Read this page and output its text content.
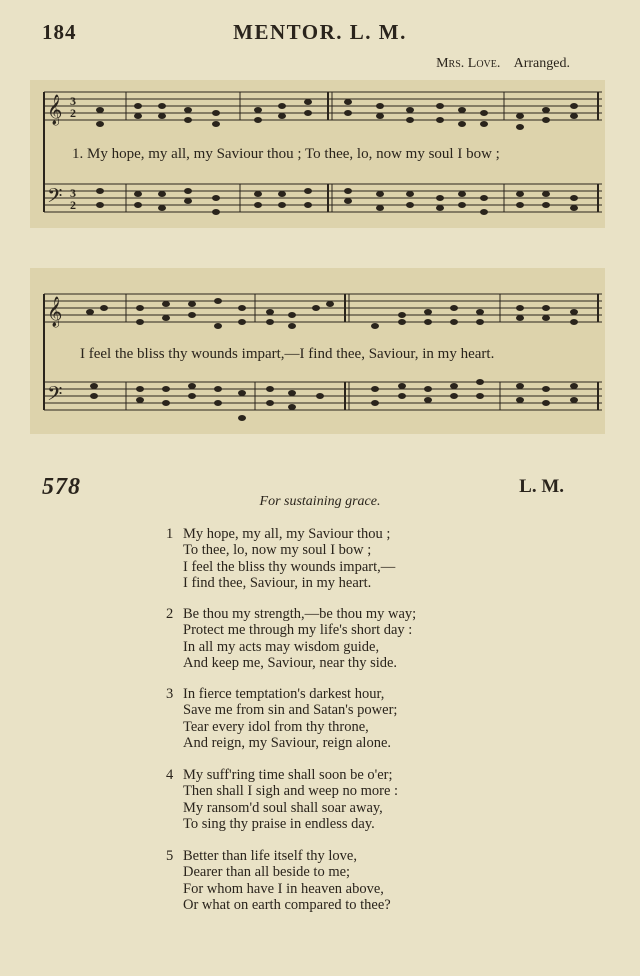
184	MENTOR. L. M.
Mrs. Love. Arranged.
𝄞
𝄢
3
2
3
2
1. My hope, my all, my Saviour thou ; To thee, lo, now my soul I bow ;
𝄞
𝄢
I feel the bliss thy wounds impart,—I find thee, Saviour, in my heart.
578	L. M.
For sustaining grace.
1 My hope, my all, my Saviour thou ;
To thee, lo, now my soul I bow ;
I feel the bliss thy wounds impart,—
I find thee, Saviour, in my heart.
2 Be thou my strength,—be thou my way;
Protect me through my life's short day :
In all my acts may wisdom guide,
And keep me, Saviour, near thy side.
3 In fierce temptation's darkest hour,
Save me from sin and Satan's power;
Tear every idol from thy throne,
And reign, my Saviour, reign alone.
4 My suff'ring time shall soon be o'er;
Then shall I sigh and weep no more :
My ransom'd soul shall soar away,
To sing thy praise in endless day.
5 Better than life itself thy love,
Dearer than all beside to me;
For whom have I in heaven above,
Or what on earth compared to thee?
